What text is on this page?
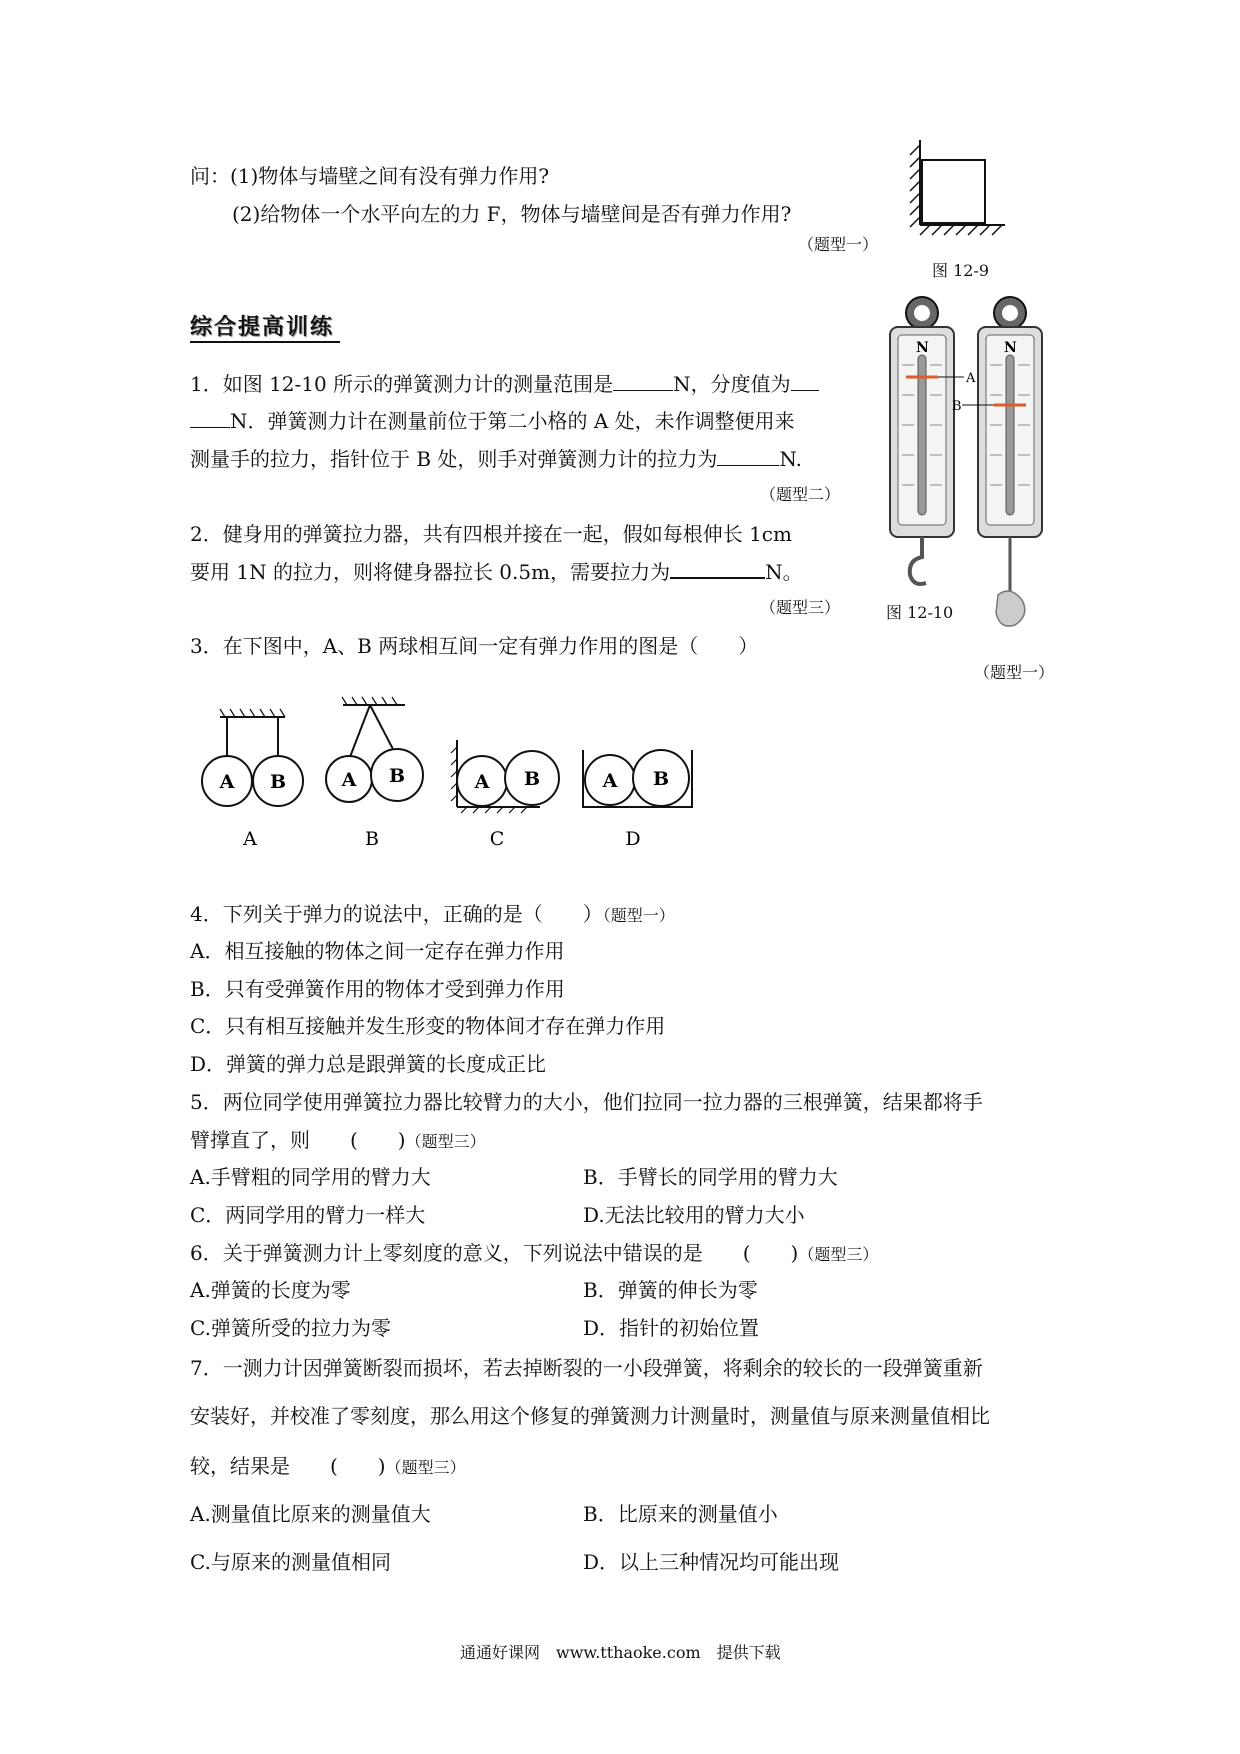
问：(1)物体与墙壁之间有没有弹力作用?
(2)给物体一个水平向左的力 F，物体与墙壁间是否有弹力作用?
（题型一）
图 12-9
综合提高训练
1．如图 12-10 所示的弹簧测力计的测量范围是	N，分度值为
N．弹簧测力计在测量前位于第二小格的 A 处，未作调整便用来
测量手的拉力，指针位于 B 处，则手对弹簧测力计的拉力为	N.
（题型二）
2．健身用的弹簧拉力器，共有四根并接在一起，假如每根伸长 1cm
要用 1N 的拉力，则将健身器拉长 0.5m，需要拉力为	N。
（题型三）
N
A
N
B
图 12-10
3．在下图中，A、B 两球相互间一定有弹力作用的图是（　　）
（题型一）
A B	A B	A B	A B
A	B	C	D
4．下列关于弹力的说法中，正确的是（　　）（题型一）
A．相互接触的物体之间一定存在弹力作用
B．只有受弹簧作用的物体才受到弹力作用
C．只有相互接触并发生形变的物体间才存在弹力作用
D．弹簧的弹力总是跟弹簧的长度成正比
5．两位同学使用弹簧拉力器比较臂力的大小，他们拉同一拉力器的三根弹簧，结果都将手
臂撑直了，则　　(　　)（题型三）
A.手臂粗的同学用的臂力大	B．手臂长的同学用的臂力大
C．两同学用的臂力一样大	D.无法比较用的臂力大小
6．关于弹簧测力计上零刻度的意义，下列说法中错误的是　　(　　)（题型三）
A.弹簧的长度为零	B．弹簧的伸长为零
C.弹簧所受的拉力为零	D．指针的初始位置
7．一测力计因弹簧断裂而损坏，若去掉断裂的一小段弹簧，将剩余的较长的一段弹簧重新
安装好，并校准了零刻度，那么用这个修复的弹簧测力计测量时，测量值与原来测量值相比
较，结果是　　(　　)（题型三）
A.测量值比原来的测量值大	B．比原来的测量值小
C.与原来的测量值相同	D．以上三种情况均可能出现
通通好课网　www.tthaoke.com　提供下载
